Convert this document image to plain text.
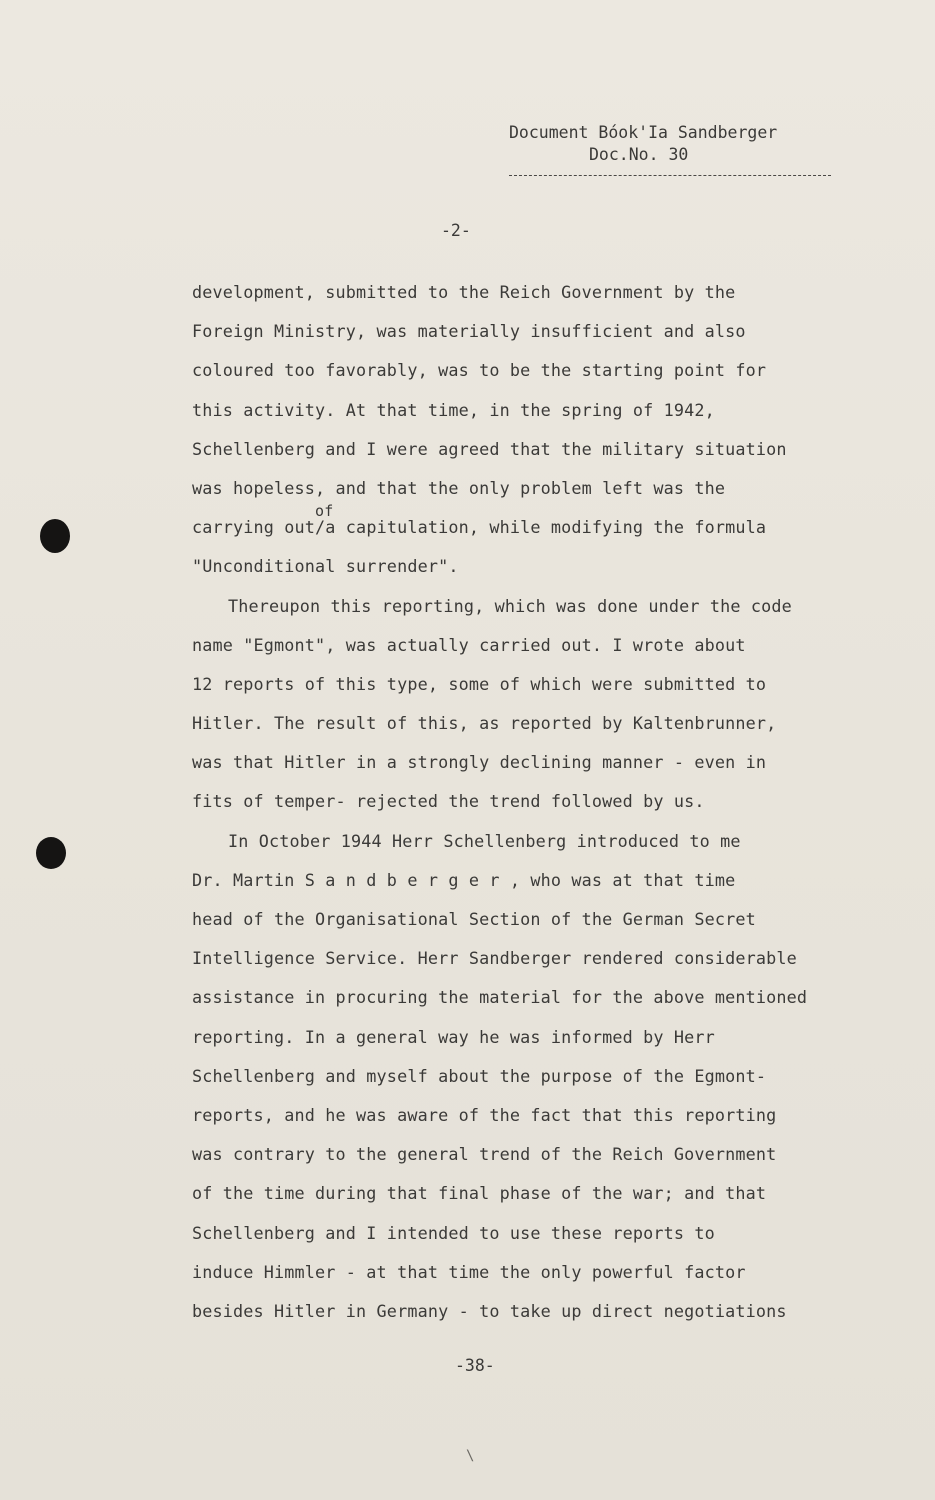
Document Bóok'Ia Sandberger
Doc.No. 30
-2-
development, submitted to the Reich Government by the
Foreign Ministry, was materially insufficient and also
coloured too favorably, was to be the starting point for
this activity. At that time, in the spring of 1942,
Schellenberg and I were agreed that the military situation
was hopeless, and that the only problem left was the
carrying out
of
/a capitulation, while modifying the formula
"Unconditional surrender".
Thereupon this reporting, which was done under the code
name "Egmont", was actually carried out. I wrote about
12 reports of this type, some of which were submitted to
Hitler. The result of this, as reported by Kaltenbrunner,
was that Hitler in a strongly declining manner - even in
fits of temper- rejected the trend followed by us.
In October 1944 Herr Schellenberg introduced to me
Dr. Martin S a n d b e r g e r , who was at that time
head of the Organisational Section of the German Secret
Intelligence Service. Herr Sandberger rendered considerable
assistance in procuring the material for the above mentioned
reporting. In a general way he was informed by Herr
Schellenberg and myself about the purpose of the Egmont-
reports, and he was aware of the fact that this reporting
was contrary to the general trend of the Reich Government
of the time during that final phase of the war; and that
Schellenberg and I intended to use these reports to
induce Himmler - at that time the only powerful factor
besides Hitler in Germany - to take up direct negotiations
-38-
\
